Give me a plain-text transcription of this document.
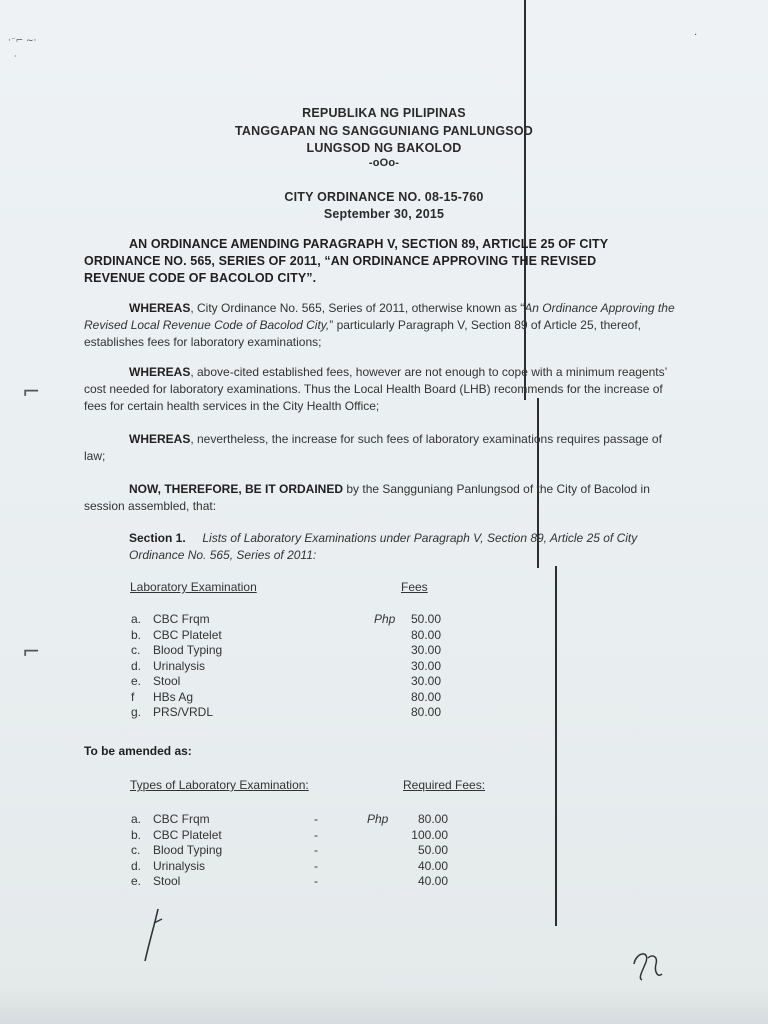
·⁻⌐ ~·
·
·
⌐
⌐
REPUBLIKA NG PILIPINAS
TANGGAPAN NG SANGGUNIANG PANLUNGSOD
LUNGSOD NG BAKOLOD
-oOo-
CITY ORDINANCE NO. 08-15-760
September 30, 2015
AN ORDINANCE AMENDING PARAGRAPH V, SECTION 89, ARTICLE 25 OF CITY
ORDINANCE NO. 565, SERIES OF 2011, “AN ORDINANCE APPROVING THE REVISED
REVENUE CODE OF BACOLOD CITY”.
WHEREAS, City Ordinance No. 565, Series of 2011, otherwise known as “An Ordinance Approving the Revised Local Revenue Code of Bacolod City,” particularly Paragraph V, Section 89 of Article 25, thereof, establishes fees for laboratory examinations;
WHEREAS, above-cited established fees, however are not enough to cope with a minimum reagents’ cost needed for laboratory examinations. Thus the Local Health Board (LHB) recommends for the increase of fees for certain health services in the City Health Office;
WHEREAS, nevertheless, the increase for such fees of laboratory examinations requires passage of law;
NOW, THEREFORE, BE IT ORDAINED by the Sangguniang Panlungsod of the City of Bacolod in session assembled, that:
Section 1. Lists of Laboratory Examinations under Paragraph V, Section 89, Article 25 of City Ordinance No. 565, Series of 2011:
Laboratory Examination	Fees
Php
a. CBC Frqm	50.00
b. CBC Platelet	80.00
c. Blood Typing	30.00
d. Urinalysis	30.00
e. Stool	30.00
f HBs Ag	80.00
g. PRS/VRDL	80.00
To be amended as:
Types of Laboratory Examination:	Required Fees:
Php
a. CBC Frqm	-	80.00
b. CBC Platelet	-	100.00
c. Blood Typing	-	50.00
d. Urinalysis	-	40.00
e. Stool	-	40.00
